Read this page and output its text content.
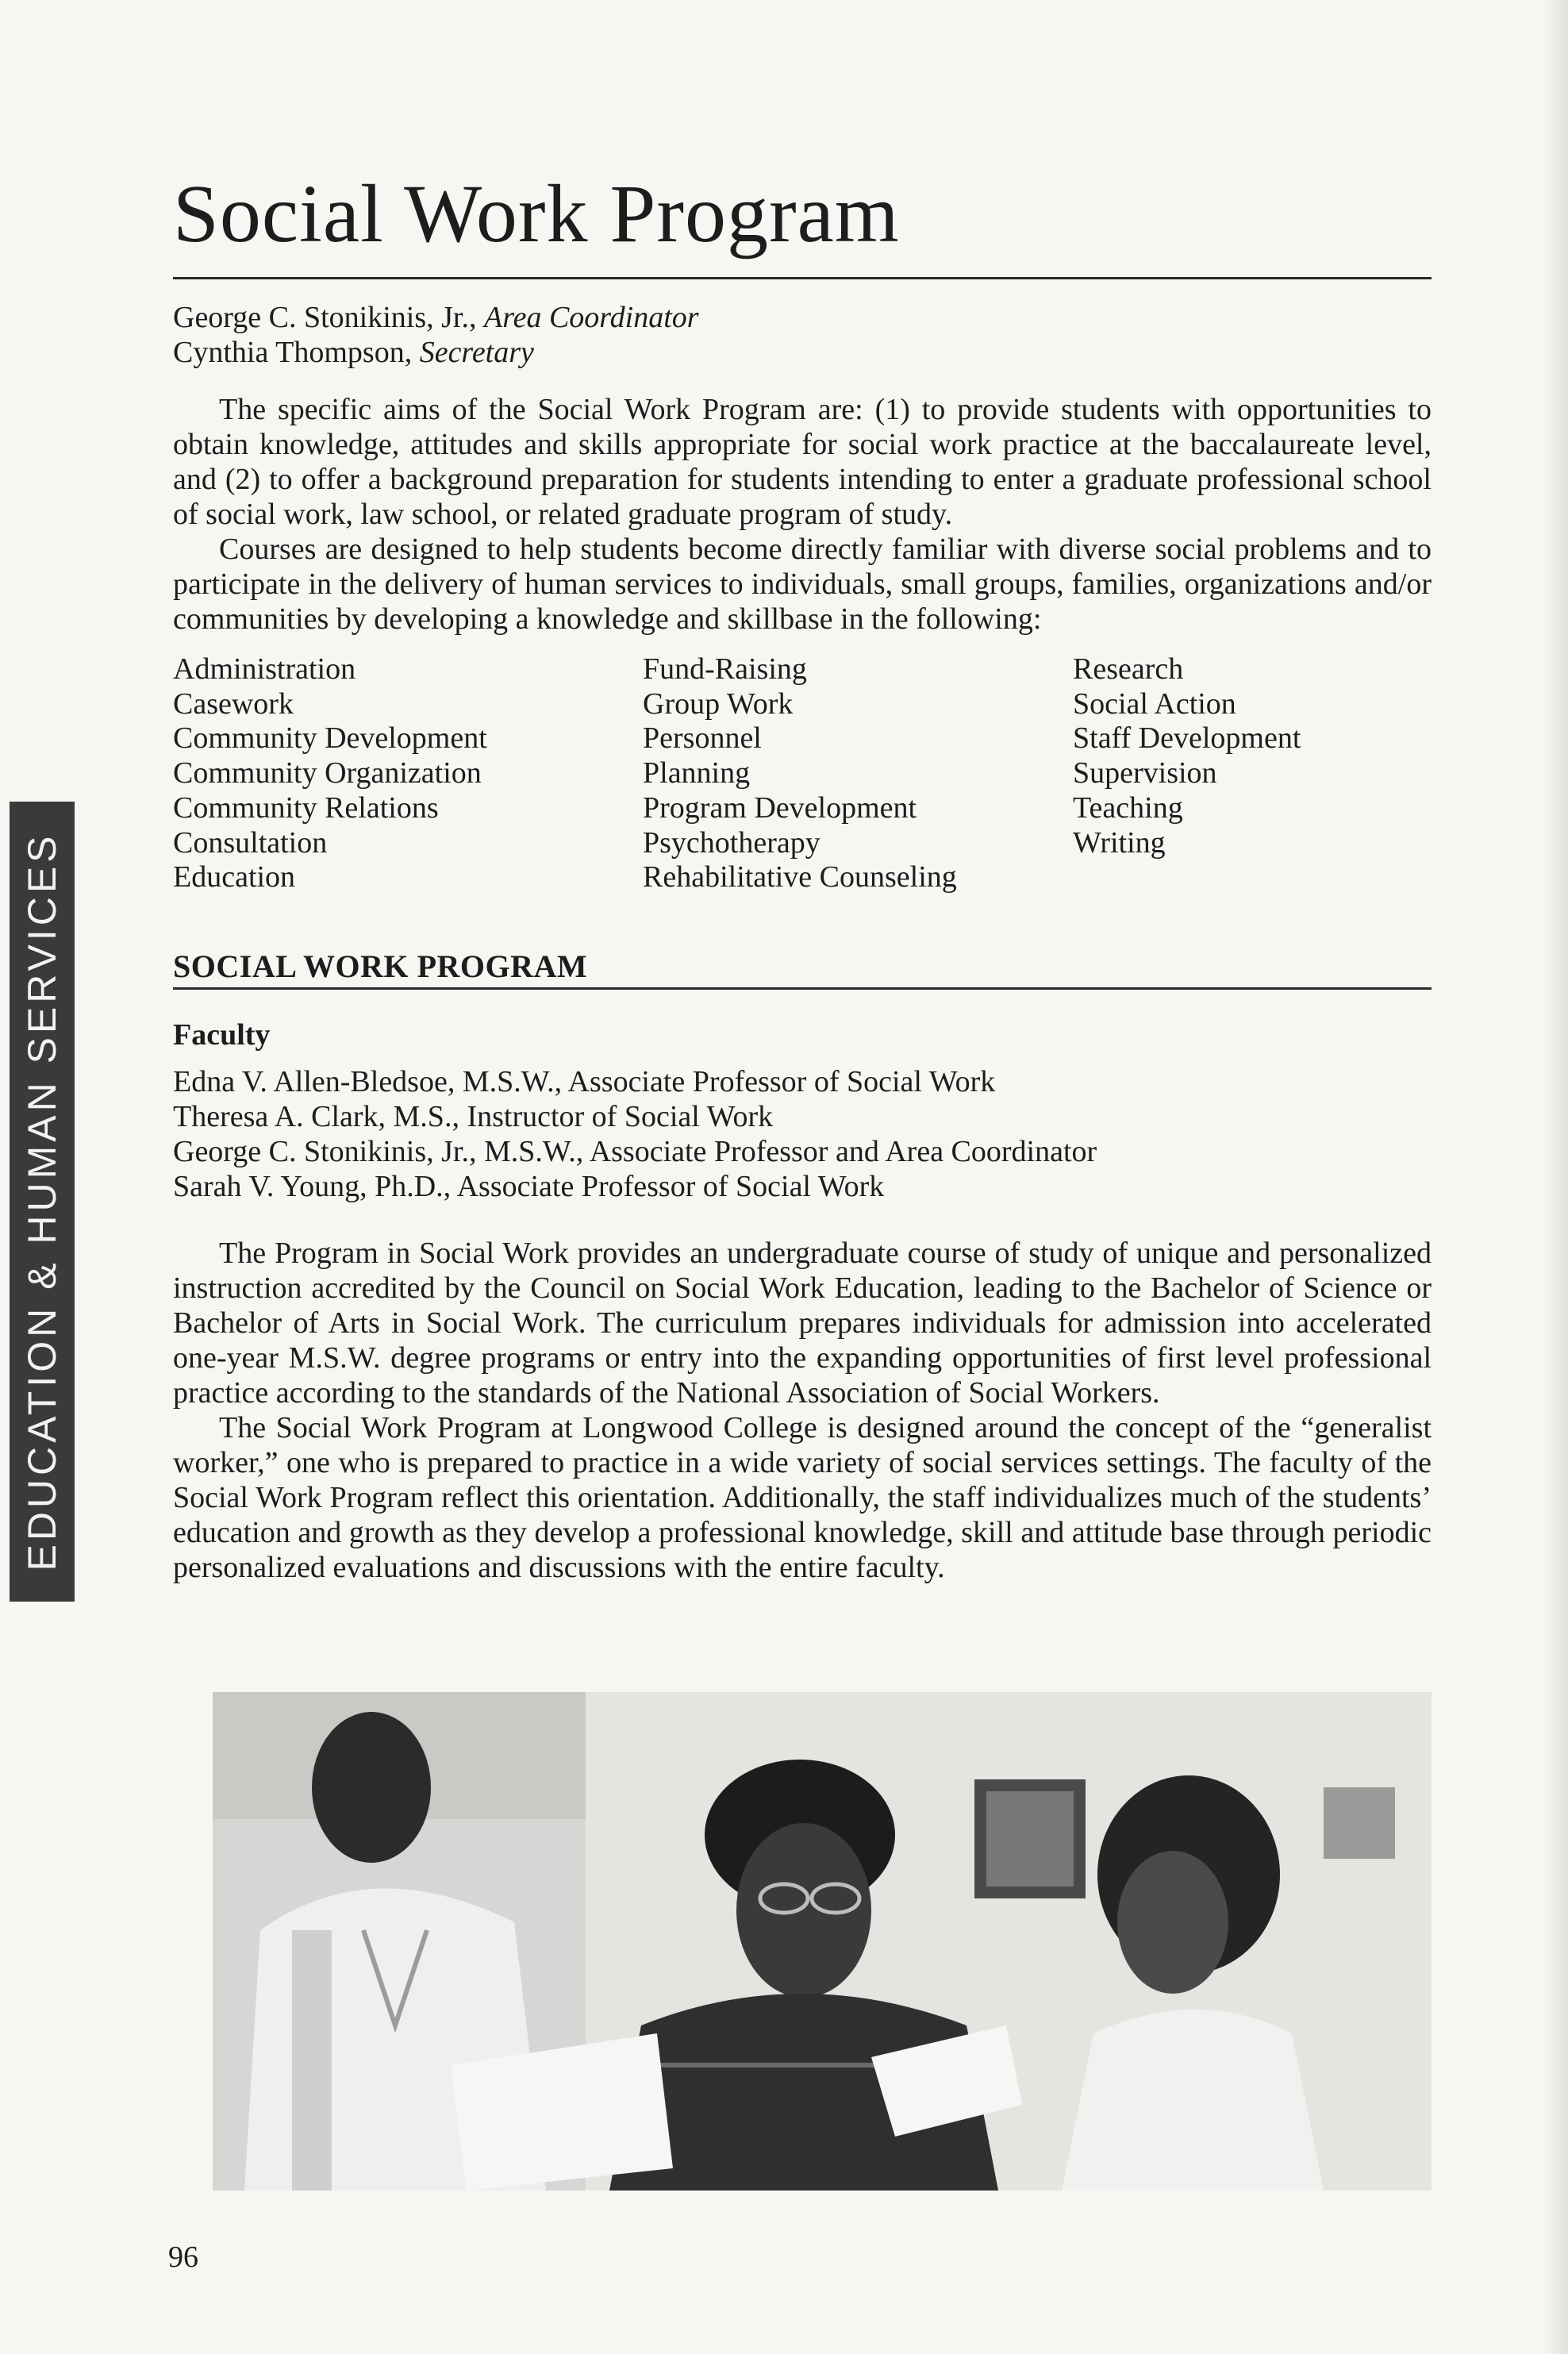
Social Work Program
George C. Stonikinis, Jr., Area Coordinator
Cynthia Thompson, Secretary

The specific aims of the Social Work Program are: (1) to provide students with opportunities to obtain knowledge, attitudes and skills appropriate for social work practice at the baccalaureate level, and (2) to offer a background preparation for students intending to enter a graduate professional school of social work, law school, or related graduate program of study.

Courses are designed to help students become directly familiar with diverse social problems and to participate in the delivery of human services to individuals, small groups, families, organizations and/or communities by developing a knowledge and skillbase in the following:

Administration
Casework
Community Development
Community Organization
Community Relations
Consultation
Education
Fund-Raising
Group Work
Personnel
Planning
Program Development
Psychotherapy
Rehabilitative Counseling
Research
Social Action
Staff Development
Supervision
Teaching
Writing
SOCIAL WORK PROGRAM
Faculty
Edna V. Allen-Bledsoe, M.S.W., Associate Professor of Social Work
Theresa A. Clark, M.S., Instructor of Social Work
George C. Stonikinis, Jr., M.S.W., Associate Professor and Area Coordinator
Sarah V. Young, Ph.D., Associate Professor of Social Work

The Program in Social Work provides an undergraduate course of study of unique and personalized instruction accredited by the Council on Social Work Education, leading to the Bachelor of Science or Bachelor of Arts in Social Work. The curriculum prepares individuals for admission into accelerated one-year M.S.W. degree programs or entry into the expanding opportunities of first level professional practice according to the standards of the National Association of Social Workers.

The Social Work Program at Longwood College is designed around the concept of the “generalist worker,” one who is prepared to practice in a wide variety of social services settings. The faculty of the Social Work Program reflect this orientation. Additionally, the staff individualizes much of the students’ education and growth as they develop a professional knowledge, skill and attitude base through periodic personalized evaluations and discussions with the entire faculty.

EDUCATION & HUMAN SERVICES
96
